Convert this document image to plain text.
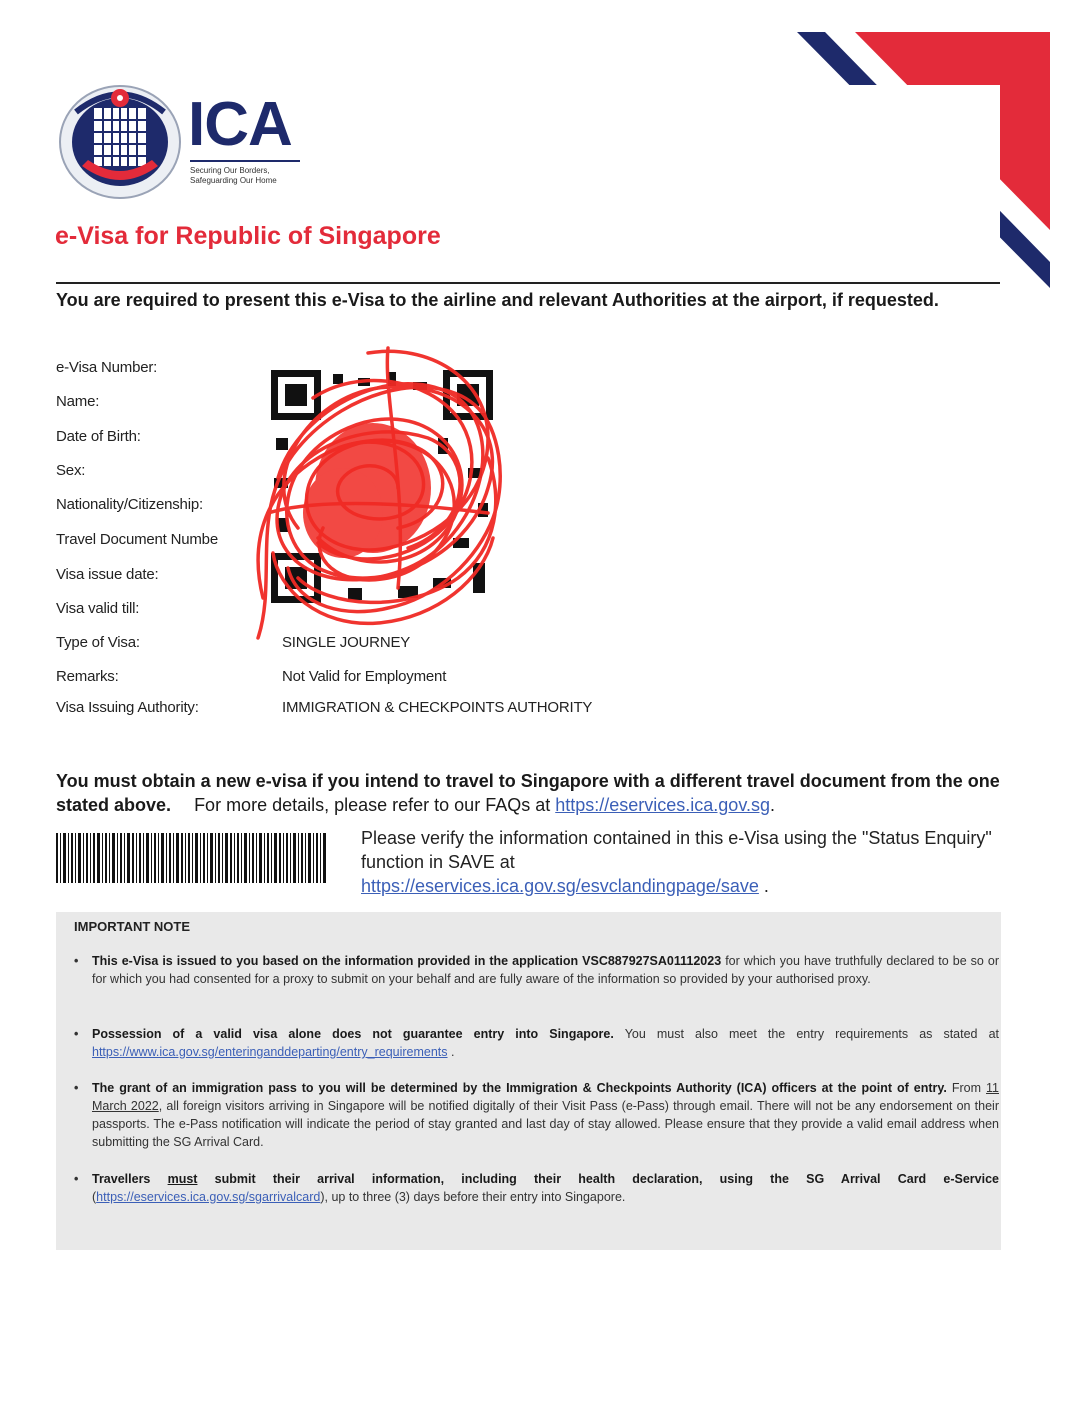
ICA
Securing Our Borders,
Safeguarding Our Home
e-Visa for Republic of Singapore
You are required to present this e-Visa to the airline and relevant Authorities at the airport, if requested.
e-Visa Number:
Name:
Date of Birth:
Sex:
Nationality/Citizenship:
Travel Document Numbe
Visa issue date:
Visa valid till:
Type of Visa:
Remarks:
Visa Issuing Authority:
SINGLE JOURNEY
Not Valid for Employment
IMMIGRATION & CHECKPOINTS AUTHORITY
You must obtain a new e-visa if you intend to travel to Singapore with a different travel document from the one stated above. For more details, please refer to our FAQs at https://eservices.ica.gov.sg.
Please verify the information contained in this e-Visa using the "Status Enquiry" function in SAVE at
https://eservices.ica.gov.sg/esvclandingpage/save .
IMPORTANT NOTE
• This e-Visa is issued to you based on the information provided in the application VSC887927SA01112023 for which you have truthfully declared to be so or for which you had consented for a proxy to submit on your behalf and are fully aware of the information so provided by your authorised proxy.
• Possession of a valid visa alone does not guarantee entry into Singapore. You must also meet the entry requirements as stated at https://www.ica.gov.sg/enteringanddeparting/entry_requirements .
• The grant of an immigration pass to you will be determined by the Immigration & Checkpoints Authority (ICA) officers at the point of entry. From 11 March 2022, all foreign visitors arriving in Singapore will be notified digitally of their Visit Pass (e-Pass) through email. There will not be any endorsement on their passports. The e-Pass notification will indicate the period of stay granted and last day of stay allowed. Please ensure that they provide a valid email address when submitting the SG Arrival Card.
• Travellers must submit their arrival information, including their health declaration, using the SG Arrival Card e-Service (https://eservices.ica.gov.sg/sgarrivalcard), up to three (3) days before their entry into Singapore.
